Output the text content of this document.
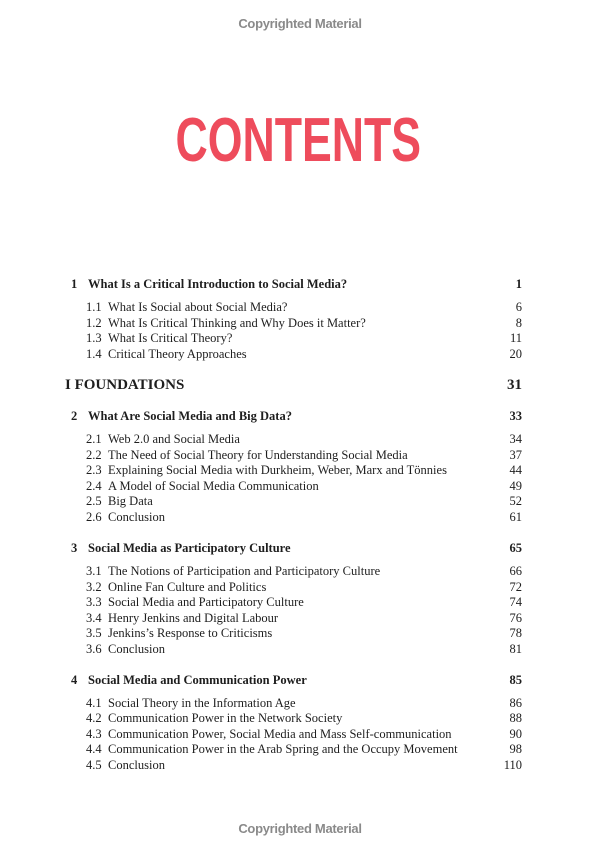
Copyrighted Material
CONTENTS
1 What Is a Critical Introduction to Social Media?	1
1.1 What Is Social about Social Media?	6
1.2 What Is Critical Thinking and Why Does it Matter?	8
1.3 What Is Critical Theory?	11
1.4 Critical Theory Approaches	20
I FOUNDATIONS	31
2 What Are Social Media and Big Data?	33
2.1 Web 2.0 and Social Media	34
2.2 The Need of Social Theory for Understanding Social Media	37
2.3 Explaining Social Media with Durkheim, Weber, Marx and Tönnies	44
2.4 A Model of Social Media Communication	49
2.5 Big Data	52
2.6 Conclusion	61
3 Social Media as Participatory Culture	65
3.1 The Notions of Participation and Participatory Culture	66
3.2 Online Fan Culture and Politics	72
3.3 Social Media and Participatory Culture	74
3.4 Henry Jenkins and Digital Labour	76
3.5 Jenkins’s Response to Criticisms	78
3.6 Conclusion	81
4 Social Media and Communication Power	85
4.1 Social Theory in the Information Age	86
4.2 Communication Power in the Network Society	88
4.3 Communication Power, Social Media and Mass Self-communication	90
4.4 Communication Power in the Arab Spring and the Occupy Movement	98
4.5 Conclusion	110
Copyrighted Material
